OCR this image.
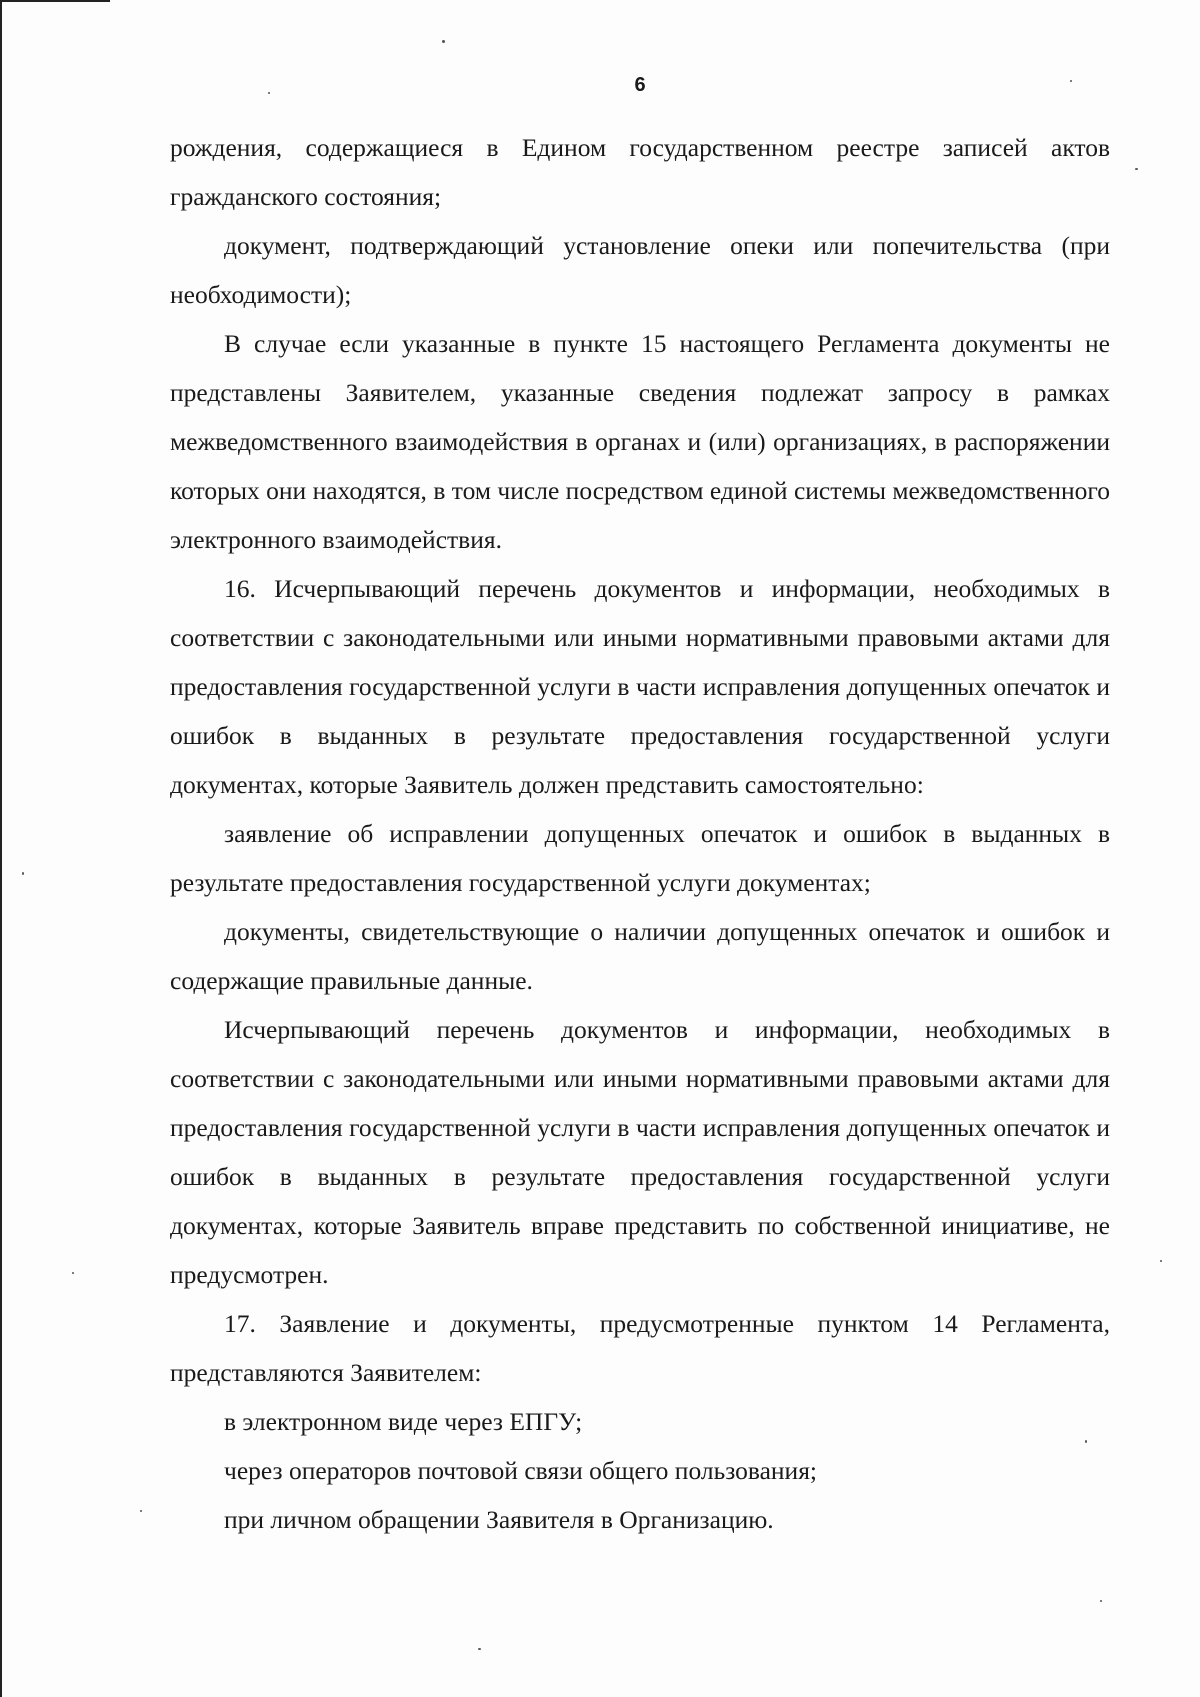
6

рождения, содержащиеся в Едином государственном реестре записей актов гражданского состояния;

документ, подтверждающий установление опеки или попечительства (при необходимости);

В случае если указанные в пункте 15 настоящего Регламента документы не представлены Заявителем, указанные сведения подлежат запросу в рамках межведомственного взаимодействия в органах и (или) организациях, в распоряжении которых они находятся, в том числе посредством единой системы межведомственного электронного взаимодействия.

16. Исчерпывающий перечень документов и информации, необходимых в соответствии с законодательными или иными нормативными правовыми актами для предоставления государственной услуги в части исправления допущенных опечаток и ошибок в выданных в результате предоставления государственной услуги документах, которые Заявитель должен представить самостоятельно:

заявление об исправлении допущенных опечаток и ошибок в выданных в результате предоставления государственной услуги документах;

документы, свидетельствующие о наличии допущенных опечаток и ошибок и содержащие правильные данные.

Исчерпывающий перечень документов и информации, необходимых в соответствии с законодательными или иными нормативными правовыми актами для предоставления государственной услуги в части исправления допущенных опечаток и ошибок в выданных в результате предоставления государственной услуги документах, которые Заявитель вправе представить по собственной инициативе, не предусмотрен.

17. Заявление и документы, предусмотренные пунктом 14 Регламента, представляются Заявителем:

в электронном виде через ЕПГУ;

через операторов почтовой связи общего пользования;

при личном обращении Заявителя в Организацию.
